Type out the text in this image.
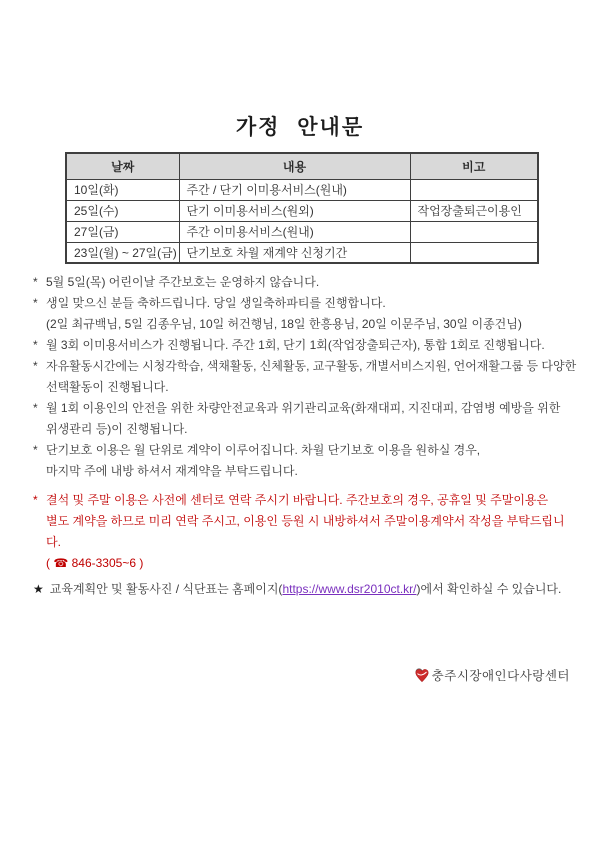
가정 안내문
날짜	내용	비고
10일(화)	주간 / 단기 이미용서비스(원내)	
25일(수)	단기 이미용서비스(원외)	작업장출퇴근이용인
27일(금)	주간 이미용서비스(원내)	
23일(월) ~ 27일(금)	단기보호 차월 재계약 신청기간	
* 5월 5일(목) 어린이날 주간보호는 운영하지 않습니다.
* 생일 맞으신 분들 축하드립니다. 당일 생일축하파티를 진행합니다.
(2일 최규백님, 5일 김종우님, 10일 허건행님, 18일 한흥용님, 20일 이문주님, 30일 이종건님)
* 월 3회 이미용서비스가 진행됩니다. 주간 1회, 단기 1회(작업장출퇴근자), 통합 1회로 진행됩니다.
* 자유활동시간에는 시청각학습, 색채활동, 신체활동, 교구활동, 개별서비스지원, 언어재활그룹 등 다양한
선택활동이 진행됩니다.
* 월 1회 이용인의 안전을 위한 차량안전교육과 위기관리교육(화재대피, 지진대피, 감염병 예방을 위한
위생관리 등)이 진행됩니다.
* 단기보호 이용은 월 단위로 계약이 이루어집니다. 차월 단기보호 이용을 원하실 경우,
마지막 주에 내방 하셔서 재계약을 부탁드립니다.
* 결석 및 주말 이용은 사전에 센터로 연락 주시기 바랍니다. 주간보호의 경우, 공휴일 및 주말이용은
별도 계약을 하므로 미리 연락 주시고, 이용인 등원 시 내방하셔서 주말이용계약서 작성을 부탁드립니다.
( ☎ 846-3305~6 )
★ 교육계획안 및 활동사진 / 식단표는 홈페이지(https://www.dsr2010ct.kr/)에서 확인하실 수 있습니다.
충주시장애인다사랑센터
